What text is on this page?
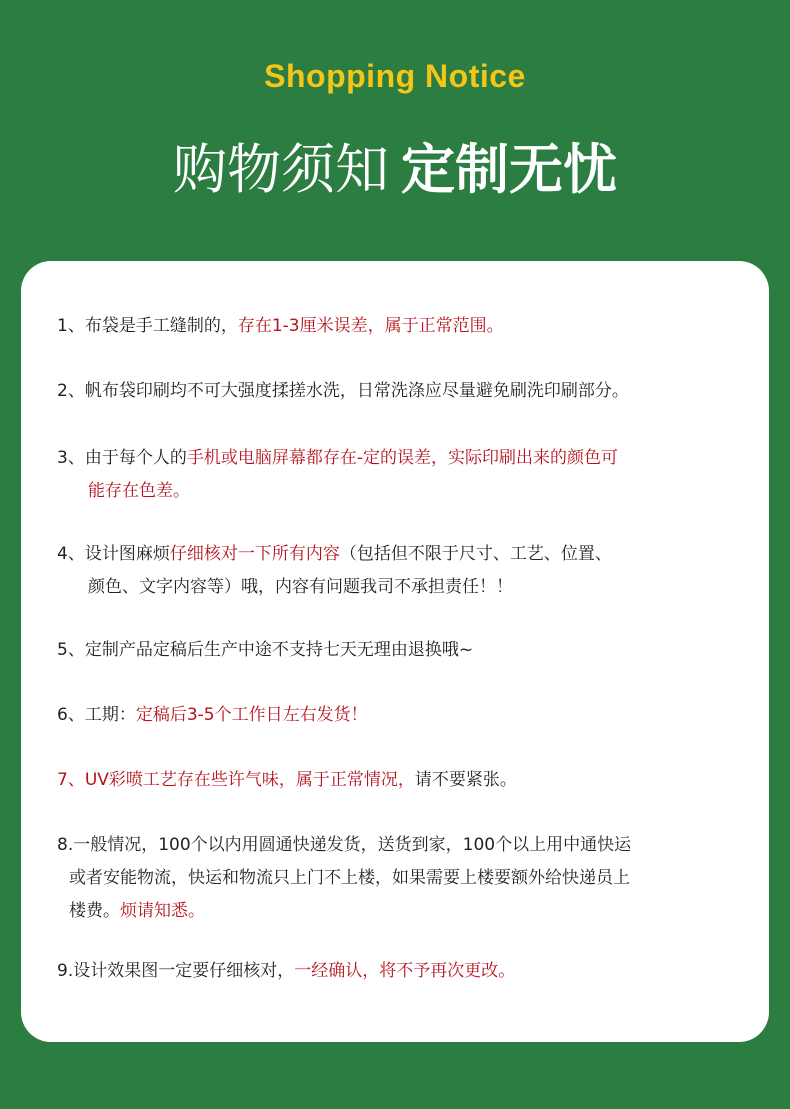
Shopping Notice
购物须知 定制无忧
1、布袋是手工缝制的，存在1-3厘米误差，属于正常范围。
2、帆布袋印刷均不可大强度揉搓水洗，日常洗涤应尽量避免刷洗印刷部分。
3、由于每个人的手机或电脑屏幕都存在-定的误差，实际印刷出来的颜色可
能存在色差。
4、设计图麻烦仔细核对一下所有内容（包括但不限于尺寸、工艺、位置、
颜色、文字内容等）哦，内容有问题我司不承担责任！！
5、定制产品定稿后生产中途不支持七天无理由退换哦~
6、工期：定稿后3-5个工作日左右发货！
7、UV彩喷工艺存在些许气味，属于正常情况，请不要紧张。
8.一般情况，100个以内用圆通快递发货，送货到家，100个以上用中通快运
或者安能物流，快运和物流只上门不上楼，如果需要上楼要额外给快递员上
楼费。烦请知悉。
9.设计效果图一定要仔细核对，一经确认，将不予再次更改。
